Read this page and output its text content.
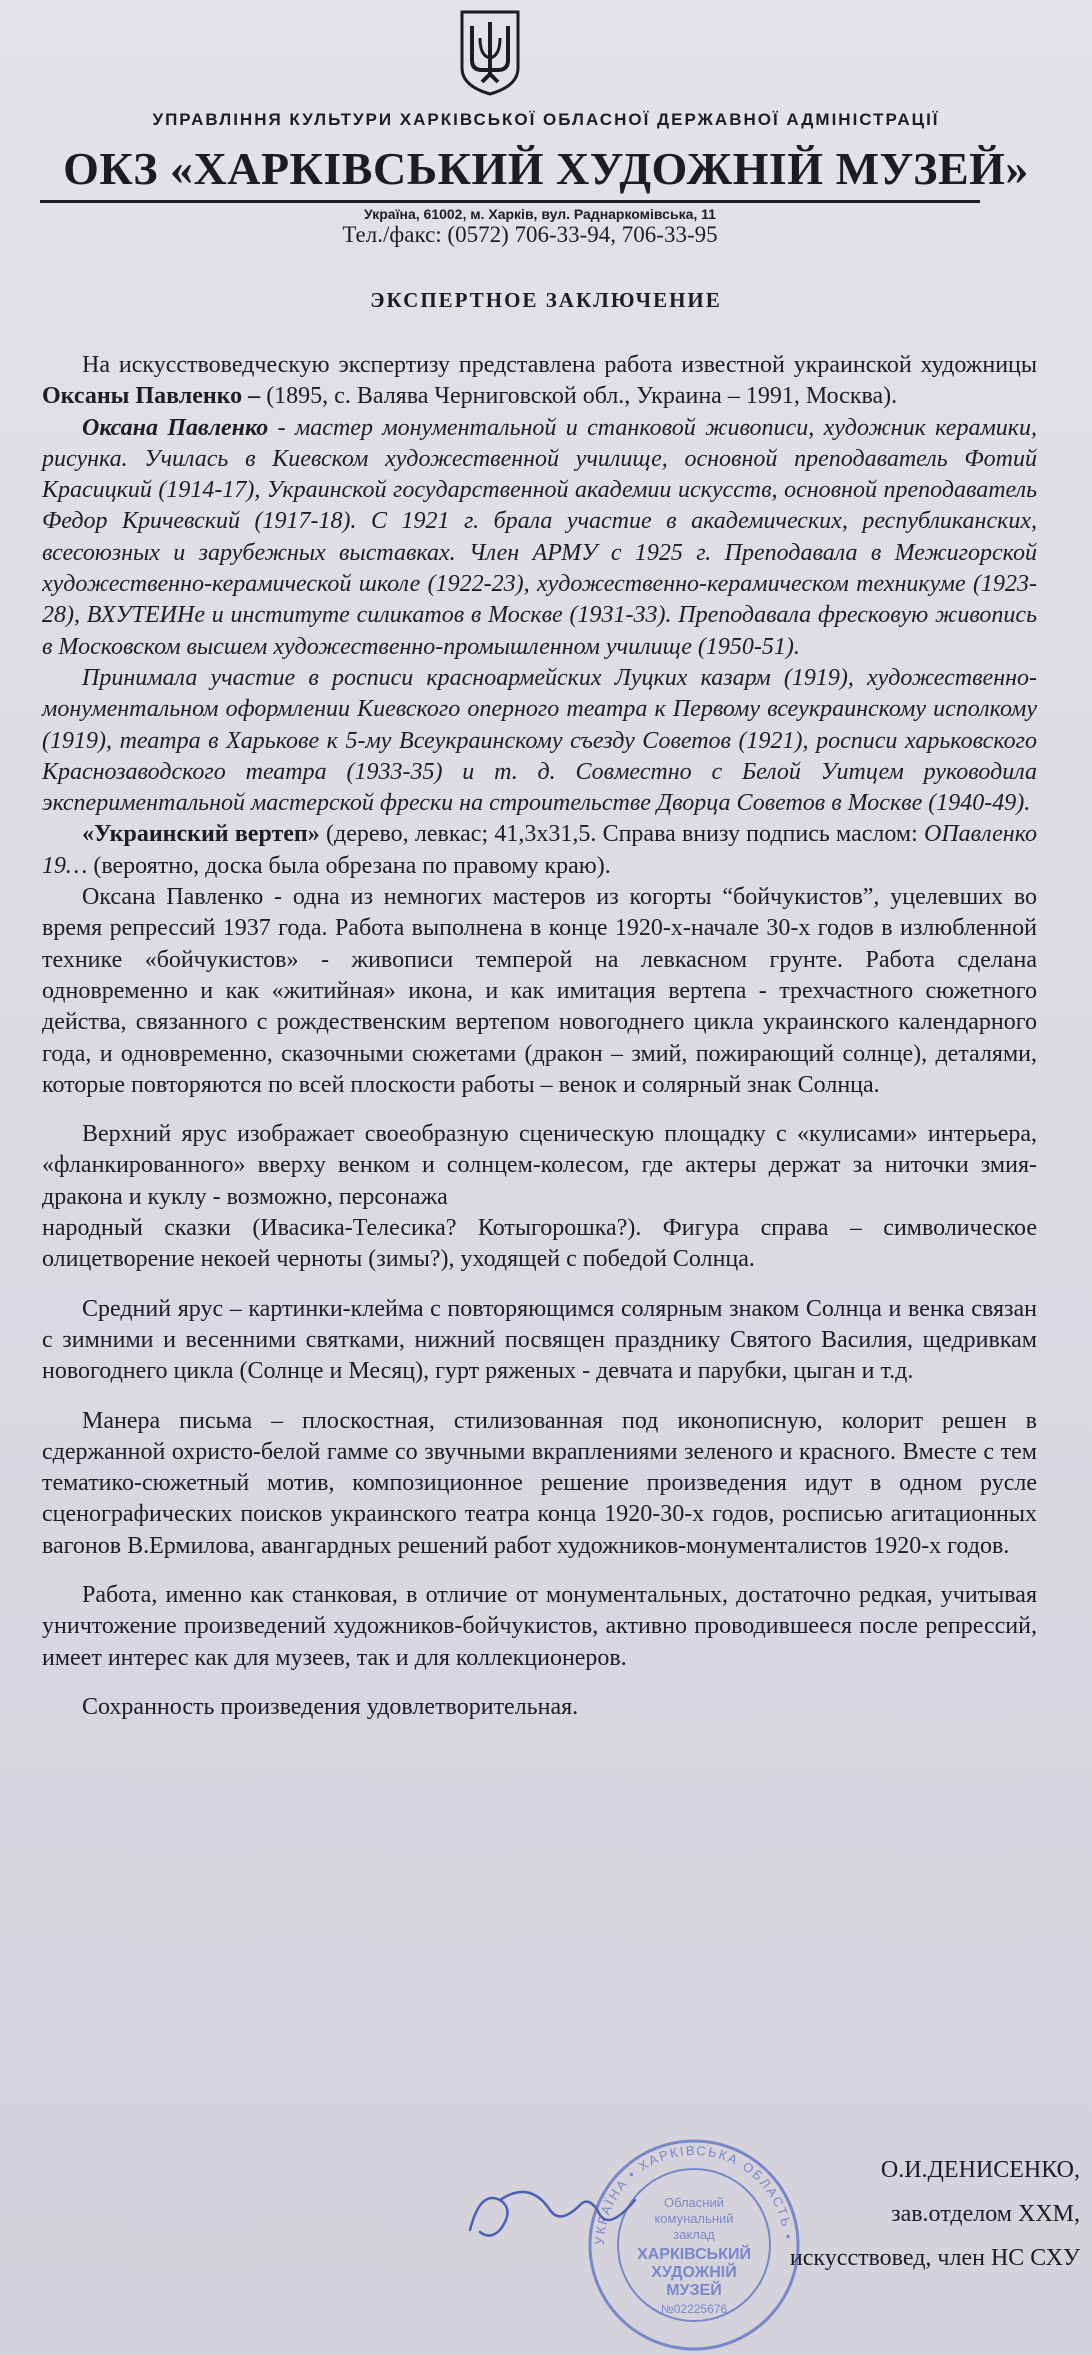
УПРАВЛІННЯ КУЛЬТУРИ ХАРКІВСЬКОЇ ОБЛАСНОЇ ДЕРЖАВНОЇ АДМІНІСТРАЦІЇ
ОКЗ «ХАРКІВСЬКИЙ ХУДОЖНІЙ МУЗЕЙ»
Україна, 61002, м. Харків, вул. Раднаркомівська, 11
Тел./факс: (0572) 706-33-94, 706-33-95
ЭКСПЕРТНОЕ ЗАКЛЮЧЕНИЕ

На искусствоведческую экспертизу представлена работа известной украинской художницы Оксаны Павленко – (1895, с. Валява Черниговской обл., Украина – 1991, Москва).

Оксана Павленко - мастер монументальной и станковой живописи, художник керамики, рисунка. Училась в Киевском художественной училище, основной преподаватель Фотий Красицкий (1914-17), Украинской государственной академии искусств, основной преподаватель Федор Кричевский (1917-18). С 1921 г. брала участие в академических, республиканских, всесоюзных и зарубежных выставках. Член АРМУ с 1925 г. Преподавала в Межигорской художественно-керамической школе (1922-23), художественно-керамическом техникуме (1923-28), ВХУТЕИНе и институте силикатов в Москве (1931-33). Преподавала фресковую живопись в Московском высшем художественно-промышленном училище (1950-51).

Принимала участие в росписи красноармейских Луцких казарм (1919), художественно-монументальном оформлении Киевского оперного театра к Первому всеукраинскому исполкому (1919), театра в Харькове к 5-му Всеукраинскому съезду Советов (1921), росписи харьковского Краснозаводского театра (1933-35) и т. д. Совместно с Белой Уитцем руководила экспериментальной мастерской фрески на строительстве Дворца Советов в Москве (1940-49).

«Украинский вертеп» (дерево, левкас; 41,3х31,5. Справа внизу подпись маслом: ОПавленко 19… (вероятно, доска была обрезана по правому краю).

Оксана Павленко - одна из немногих мастеров из когорты “бойчукистов”, уцелевших во время репрессий 1937 года. Работа выполнена в конце 1920-х-начале 30-х годов в излюбленной технике «бойчукистов» - живописи темперой на левкасном грунте. Работа сделана одновременно и как «житийная» икона, и как имитация вертепа - трехчастного сюжетного действа, связанного с рождественским вертепом новогоднего цикла украинского календарного года, и одновременно, сказочными сюжетами (дракон – змий, пожирающий солнце), деталями, которые повторяются по всей плоскости работы – венок и солярный знак Солнца.

Верхний ярус изображает своеобразную сценическую площадку с «кулисами» интерьера, «фланкированного» вверху венком и солнцем-колесом, где актеры держат за ниточки змия-дракона и куклу - возможно, персонажа

народный сказки (Ивасика-Телесика? Котыгорошка?). Фигура справа – символическое олицетворение некоей черноты (зимы?), уходящей с победой Солнца.

Средний ярус – картинки-клейма с повторяющимся солярным знаком Солнца и венка связан с зимними и весенними святками, нижний посвящен празднику Святого Василия, щедривкам новогоднего цикла (Солнце и Месяц), гурт ряженых - девчата и парубки, цыган и т.д.

Манера письма – плоскостная, стилизованная под иконописную, колорит решен в сдержанной охристо-белой гамме со звучными вкраплениями зеленого и красного. Вместе с тем тематико-сюжетный мотив, композиционное решение произведения идут в одном русле сценографических поисков украинского театра конца 1920-30-х годов, росписью агитационных вагонов В.Ермилова, авангардных решений работ художников-монументалистов 1920-х годов.

Работа, именно как станковая, в отличие от монументальных, достаточно редкая, учитывая уничтожение произведений художников-бойчукистов, активно проводившееся после репрессий, имеет интерес как для музеев, так и для коллекционеров.

Сохранность произведения удовлетворительная.

УКРАЇНА • ХАРКІВСЬКА ОБЛАСТЬ •
Обласний
комунальний
заклад
ХАРКІВСЬКИЙ
ХУДОЖНІЙ
МУЗЕЙ
№02225676
О.И.ДЕНИСЕНКО,
зав.отделом ХХМ,
искусствовед, член НС СХУ
